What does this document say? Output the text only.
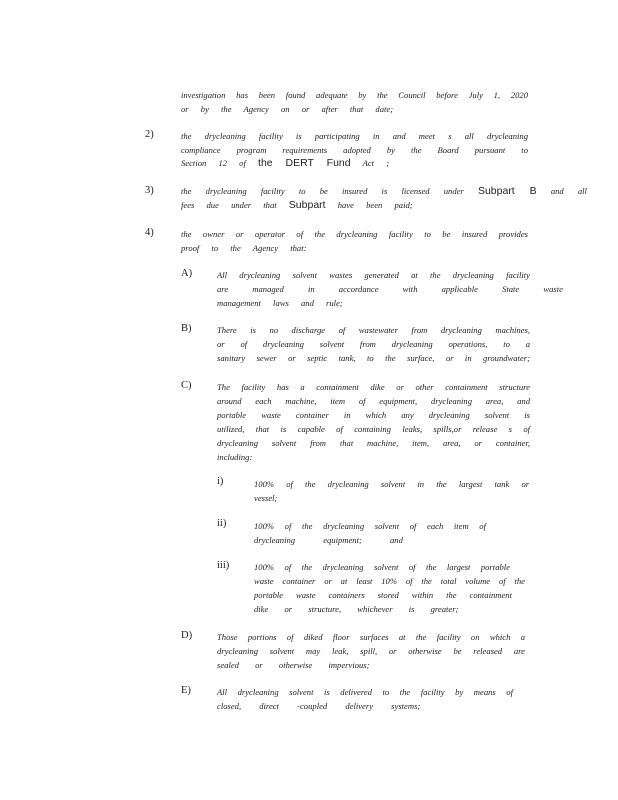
investigation has been found adequate by the Council before July 1, 2020
or by the Agency on or after that date;
2)	the drycleaning facility is participating in and meet s all drycleaning
compliance program requirements adopted by the Board pursuant to
Section 12 of the DERT Fund Act ;
3)	the drycleaning facility to be insured is licensed under Subpart B and all
fees due under that Subpart have been paid;
4)	the owner or operator of the drycleaning facility to be insured provides
proof to the Agency that:
A)	All drycleaning solvent wastes generated at the drycleaning facility
are managed in accordance with applicable State waste
management laws and rule;
B)	There is no discharge of wastewater from drycleaning machines,
or of drycleaning solvent from drycleaning operations, to a
sanitary sewer or septic tank, to the surface, or in groundwater;
C)	The facility has a containment dike or other containment structure
around each machine, item of equipment, drycleaning area, and
portable waste container in which any drycleaning solvent is
utilized, that is capable of containing leaks, spills,or release s of
drycleaning solvent from that machine, item, area, or container,
including:
i)	100% of the drycleaning solvent in the largest tank or
vessel;
ii)	100% of the drycleaning solvent of each item of
drycleaning equipment; and
iii)	100% of the drycleaning solvent of the largest portable
waste container or at least 10% of the total volume of the
portable waste containers stored within the containment
dike or structure, whichever is greater;
D)	Those portions of diked floor surfaces at the facility on which a
drycleaning solvent may leak, spill, or otherwise be released are
sealed or otherwise impervious;
E)	All drycleaning solvent is delivered to the facility by means of
closed, direct -coupled delivery systems;
